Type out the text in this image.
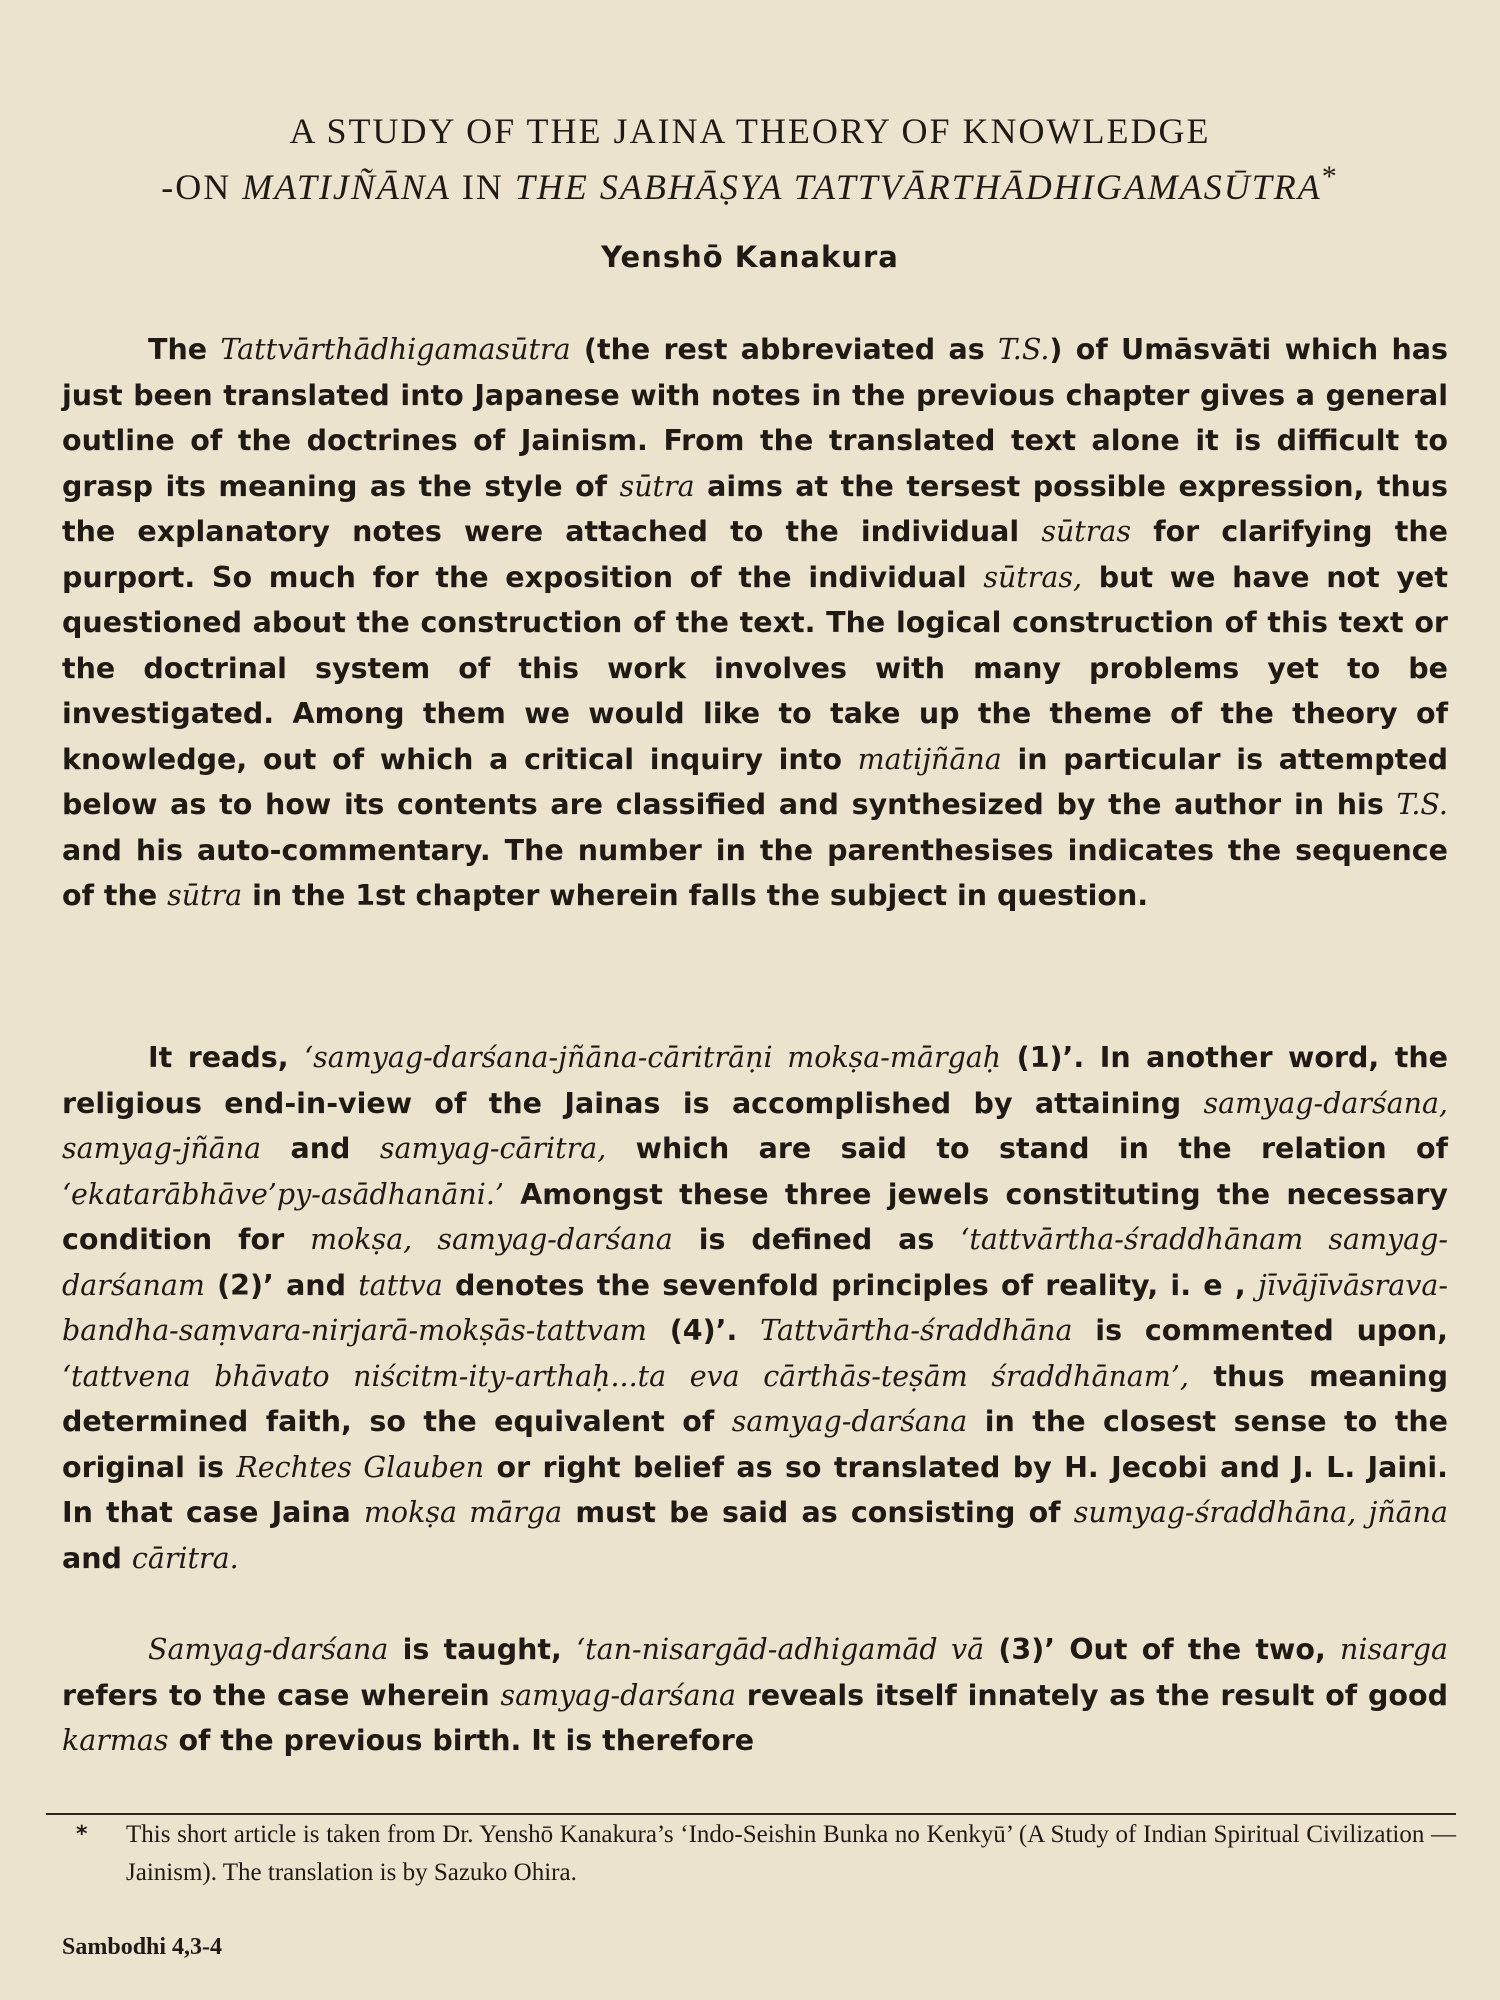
A STUDY OF THE JAINA THEORY OF KNOWLEDGE
-ON MATIJÑĀNA IN THE SABHĀṢYA TATTVĀRTHĀDHIGAMASŪTRA*

Yenshō Kanakura

The Tattvārthādhigamasūtra (the rest abbreviated as T.S.) of Umāsvāti which has just been translated into Japanese with notes in the previous chapter gives a general outline of the doctrines of Jainism. From the translated text alone it is difficult to grasp its meaning as the style of sūtra aims at the tersest possible expression, thus the explanatory notes were attached to the individual sūtras for clarifying the purport. So much for the exposition of the individual sūtras, but we have not yet questioned about the construction of the text. The logical construction of this text or the doctrinal system of this work involves with many problems yet to be investigated. Among them we would like to take up the theme of the theory of knowledge, out of which a critical inquiry into matijñāna in particular is attempted below as to how its contents are classified and synthesized by the author in his T.S. and his auto-commentary. The number in the parenthesises indicates the sequence of the sūtra in the 1st chapter wherein falls the subject in question.

It reads, ‘samyag-darśana-jñāna-cāritrāṇi mokṣa-mārgaḥ (1)’. In another word, the religious end-in-view of the Jainas is accomplished by attaining samyag-darśana, samyag-jñāna and samyag-cāritra, which are said to stand in the relation of ‘ekatarābhāve’py-asādhanāni.’ Amongst these three jewels constituting the necessary condition for mokṣa, samyag-darśana is defined as ‘tattvārtha-śraddhānam samyag-darśanam (2)’ and tattva denotes the sevenfold principles of reality, i. e , jīvājīvāsrava-bandha-saṃvara-nirjarā-mokṣās-tattvam (4)’. Tattvārtha-śraddhāna is commented upon, ‘tattvena bhāvato niścitm-ity-arthaḥ...ta eva cārthās-teṣām śraddhānam’, thus meaning determined faith, so the equivalent of samyag-darśana in the closest sense to the original is Rechtes Glauben or right belief as so translated by H. Jecobi and J. L. Jaini. In that case Jaina mokṣa mārga must be said as consisting of sumyag-śraddhāna, jñāna and cāritra.

Samyag-darśana is taught, ‘tan-nisargād-adhigamād vā (3)’ Out of the two, nisarga refers to the case wherein samyag-darśana reveals itself innately as the result of good karmas of the previous birth. It is therefore

* This short article is taken from Dr. Yenshō Kanakura’s ‘Indo-Seishin Bunka no Kenkyū’ (A Study of Indian Spiritual Civilization — Jainism). The translation is by Sazuko Ohira.

Sambodhi 4,3-4
